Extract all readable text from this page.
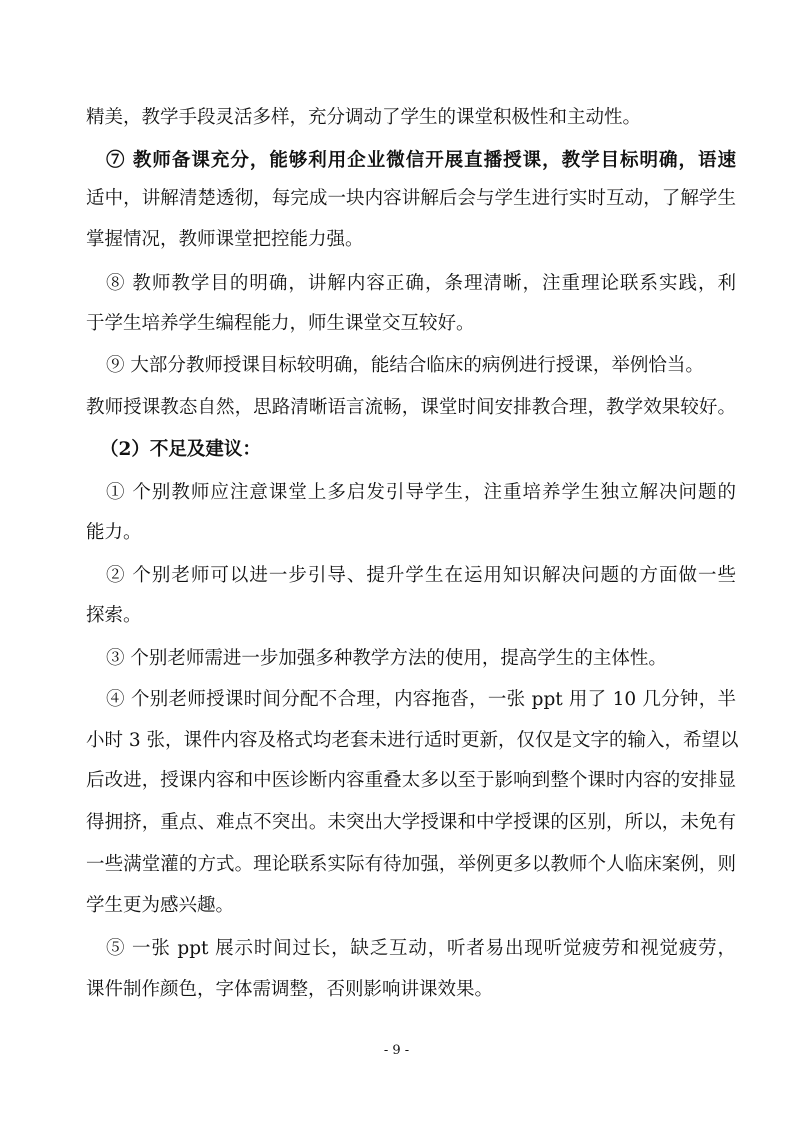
精美，教学手段灵活多样，充分调动了学生的课堂积极性和主动性。
⑦ 教师备课充分，能够利用企业微信开展直播授课，教学目标明确，语速
适中，讲解清楚透彻，每完成一块内容讲解后会与学生进行实时互动，了解学生
掌握情况，教师课堂把控能力强。
⑧ 教师教学目的明确，讲解内容正确，条理清晰，注重理论联系实践，利
于学生培养学生编程能力，师生课堂交互较好。
⑨ 大部分教师授课目标较明确，能结合临床的病例进行授课，举例恰当。
教师授课教态自然，思路清晰语言流畅，课堂时间安排教合理，教学效果较好。
（2）不足及建议：
① 个别教师应注意课堂上多启发引导学生，注重培养学生独立解决问题的
能力。
② 个别老师可以进一步引导、提升学生在运用知识解决问题的方面做一些
探索。
③ 个别老师需进一步加强多种教学方法的使用，提高学生的主体性。
④ 个别老师授课时间分配不合理，内容拖沓，一张 ppt 用了 10 几分钟，半
小时 3 张，课件内容及格式均老套未进行适时更新，仅仅是文字的输入，希望以
后改进，授课内容和中医诊断内容重叠太多以至于影响到整个课时内容的安排显
得拥挤，重点、难点不突出。未突出大学授课和中学授课的区别，所以，未免有
一些满堂灌的方式。理论联系实际有待加强，举例更多以教师个人临床案例，则
学生更为感兴趣。
⑤ 一张 ppt 展示时间过长，缺乏互动，听者易出现听觉疲劳和视觉疲劳，
课件制作颜色，字体需调整，否则影响讲课效果。
- 9 -
